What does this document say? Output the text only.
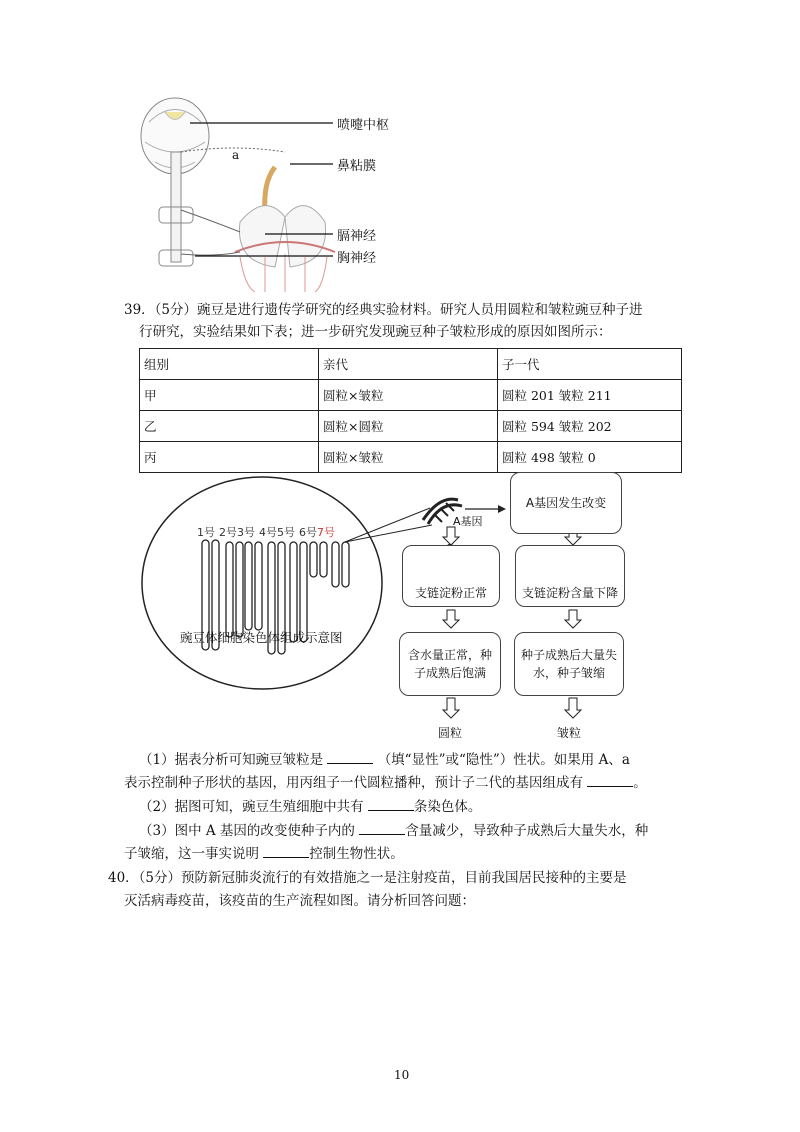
喷嚏中枢
鼻粘膜
膈神经
胸神经
a
39．（5分）豌豆是进行遗传学研究的经典实验材料。研究人员用圆粒和皱粒豌豆种子进
行研究，实验结果如下表；进一步研究发现豌豆种子皱粒形成的原因如图所示：
组别	亲代	子一代
甲	圆粒×皱粒	圆粒 201 皱粒 211
乙	圆粒×圆粒	圆粒 594 皱粒 202
丙	圆粒×皱粒	圆粒 498 皱粒 0
1号 2号3号 4号5号 6号7号
豌豆体细胞染色体组成示意图
A基因
A基因发生改变
支链淀粉正常	支链淀粉含量下降
含水量正常，种子成熟后饱满
种子成熟后大量失水，种子皱缩
圆粒	皱粒
（1）据表分析可知豌豆皱粒是	（填“显性”或“隐性”）性状。如果用 A、a
表示控制种子形状的基因，用丙组子一代圆粒播种，预计子二代的基因组成有	。
（2）据图可知，豌豆生殖细胞中共有	条染色体。
（3）图中 A 基因的改变使种子内的	含量减少，导致种子成熟后大量失水，种
子皱缩，这一事实说明	控制生物性状。
40．（5分）预防新冠肺炎流行的有效措施之一是注射疫苗，目前我国居民接种的主要是
灭活病毒疫苗，该疫苗的生产流程如图。请分析回答问题：
10
